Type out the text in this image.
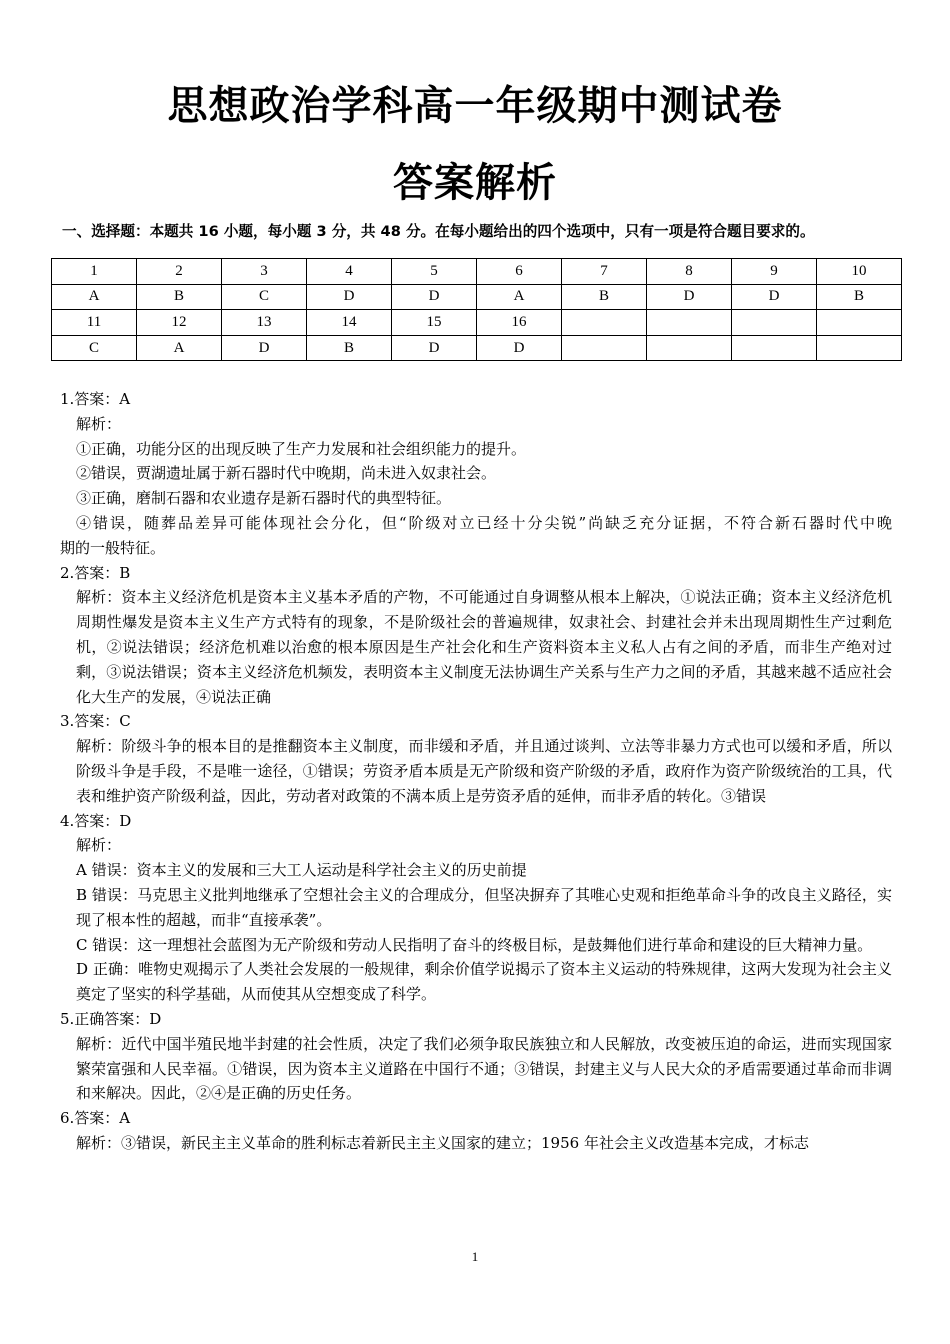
思想政治学科高一年级期中测试卷
答案解析
一、选择题：本题共 16 小题，每小题 3 分，共 48 分。在每小题给出的四个选项中，只有一项是符合题目要求的。
1	2	3	4	5	6	7	8	9	10
A	B	C	D	D	A	B	D	D	B
11	12	13	14	15	16				
C	A	D	B	D	D				
1.答案：A
解析：
①正确，功能分区的出现反映了生产力发展和社会组织能力的提升。
②错误，贾湖遗址属于新石器时代中晚期，尚未进入奴隶社会。
③正确，磨制石器和农业遗存是新石器时代的典型特征。
④错误，随葬品差异可能体现社会分化，但“阶级对立已经十分尖锐”尚缺乏充分证据，不符合新石器时代中晚
期的一般特征。
2.答案：B
解析：资本主义经济危机是资本主义基本矛盾的产物，不可能通过自身调整从根本上解决，①说法正确；资本主义经济危机周期性爆发是资本主义生产方式特有的现象，不是阶级社会的普遍规律，奴隶社会、封建社会并未出现周期性生产过剩危机，②说法错误；经济危机难以治愈的根本原因是生产社会化和生产资料资本主义私人占有之间的矛盾，而非生产绝对过剩，③说法错误；资本主义经济危机频发，表明资本主义制度无法协调生产关系与生产力之间的矛盾，其越来越不适应社会化大生产的发展，④说法正确
3.答案：C
解析：阶级斗争的根本目的是推翻资本主义制度，而非缓和矛盾，并且通过谈判、立法等非暴力方式也可以缓和矛盾，所以阶级斗争是手段，不是唯一途径，①错误；劳资矛盾本质是无产阶级和资产阶级的矛盾，政府作为资产阶级统治的工具，代表和维护资产阶级利益，因此，劳动者对政策的不满本质上是劳资矛盾的延伸，而非矛盾的转化。③错误
4.答案：D
解析：
A 错误：资本主义的发展和三大工人运动是科学社会主义的历史前提
B 错误：马克思主义批判地继承了空想社会主义的合理成分，但坚决摒弃了其唯心史观和拒绝革命斗争的改良主义路径，实现了根本性的超越，而非“直接承袭”。
C 错误：这一理想社会蓝图为无产阶级和劳动人民指明了奋斗的终极目标，是鼓舞他们进行革命和建设的巨大精神力量。
D 正确：唯物史观揭示了人类社会发展的一般规律，剩余价值学说揭示了资本主义运动的特殊规律，这两大发现为社会主义奠定了坚实的科学基础，从而使其从空想变成了科学。
5.正确答案：D
解析：近代中国半殖民地半封建的社会性质，决定了我们必须争取民族独立和人民解放，改变被压迫的命运，进而实现国家繁荣富强和人民幸福。①错误，因为资本主义道路在中国行不通；③错误，封建主义与人民大众的矛盾需要通过革命而非调和来解决。因此，②④是正确的历史任务。
6.答案：A
解析：③错误，新民主主义革命的胜利标志着新民主主义国家的建立；1956 年社会主义改造基本完成，才标志
1
